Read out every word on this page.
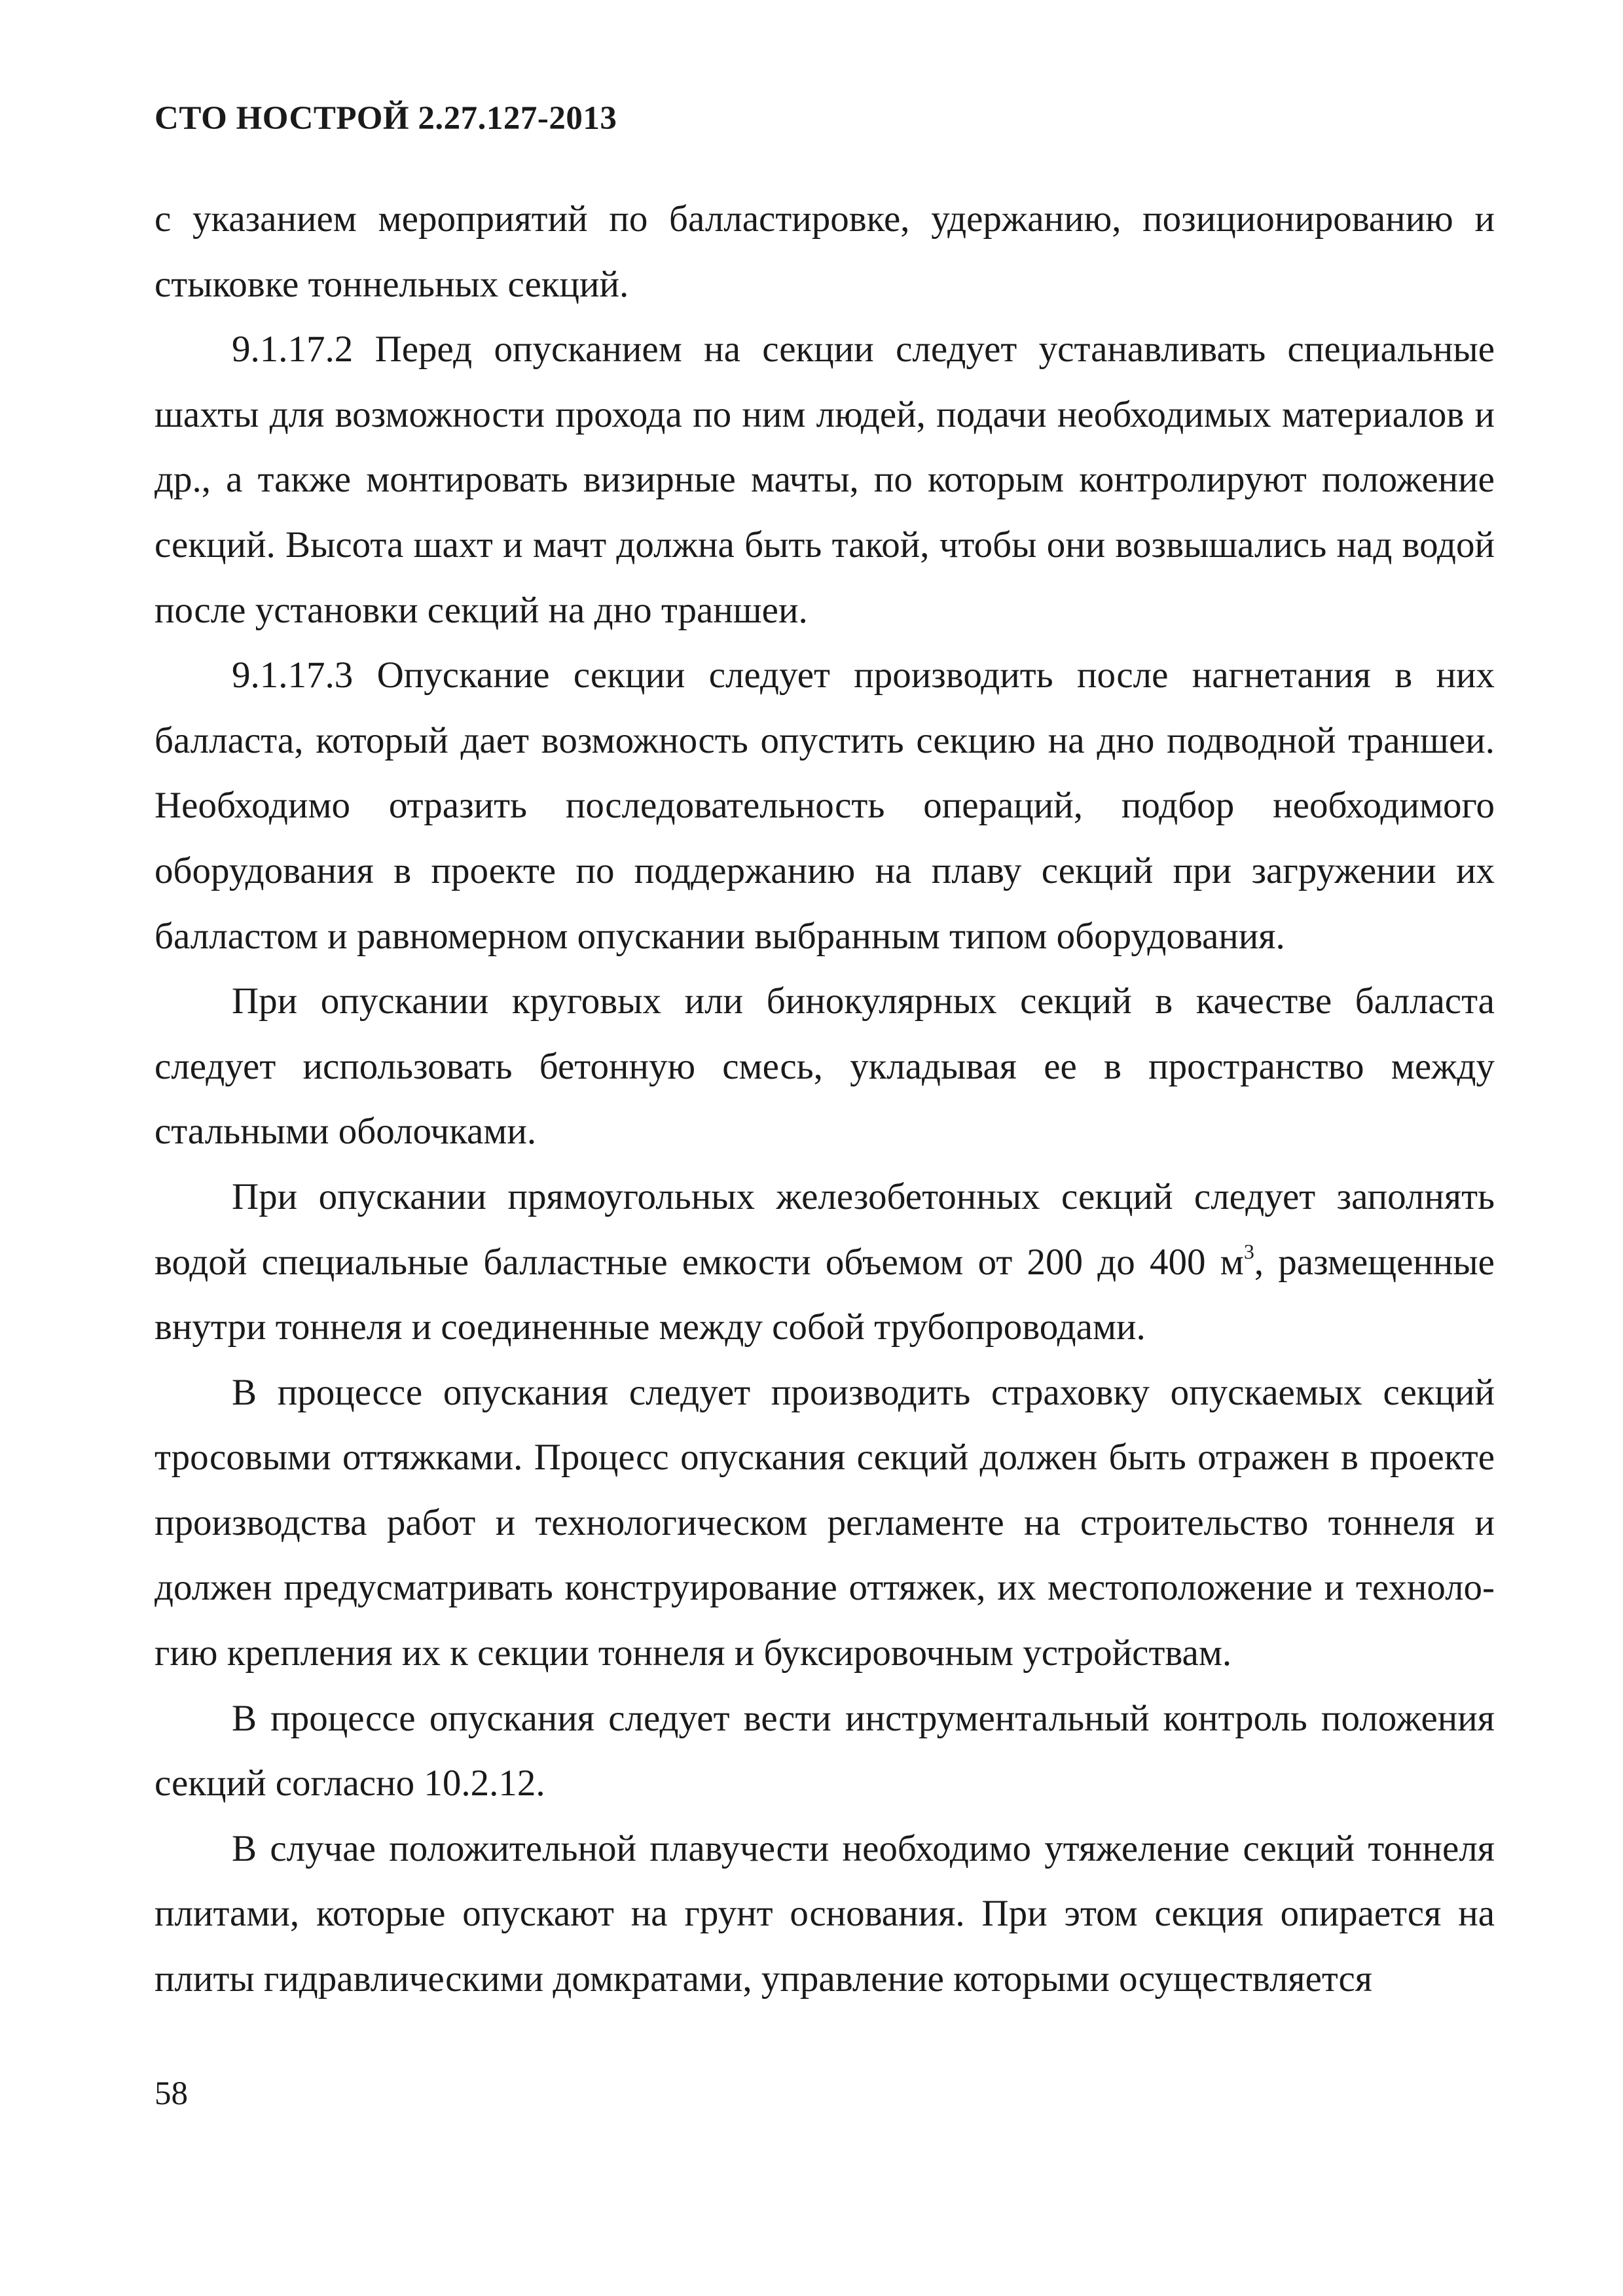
СТО НОСТРОЙ 2.27.127-2013

с указанием мероприятий по балластировке, удержанию, позиционированию и стыковке тоннельных секций.

9.1.17.2 Перед опусканием на секции следует устанавливать специальные шахты для возможности прохода по ним людей, подачи необходимых материалов и др., а также монтировать визирные мачты, по которым контролируют положение секций. Высота шахт и мачт должна быть такой, чтобы они возвышались над водой после установки секций на дно траншеи.

9.1.17.3 Опускание секции следует производить после нагнетания в них балласта, который дает возможность опустить секцию на дно подводной траншеи. Необходимо отразить последовательность операций, подбор необходимого оборудования в проекте по поддержанию на плаву секций при загружении их балластом и равномерном опускании выбранным типом оборудования.

При опускании круговых или бинокулярных секций в качестве балласта следует использовать бетонную смесь, укладывая ее в пространство между стальными оболочками.

При опускании прямоугольных железобетонных секций следует заполнять водой специальные балластные емкости объемом от 200 до 400 $м^3$, размещенные внутри тоннеля и соединенные между собой трубопроводами.

В процессе опускания следует производить страховку опускаемых секций тросовыми оттяжками. Процесс опускания секций должен быть отражен в проекте производства работ и технологическом регламенте на строительство тоннеля и должен предусматривать конструирование оттяжек, их местоположение и техноло-гию крепления их к секции тоннеля и буксировочным устройствам.

В процессе опускания следует вести инструментальный контроль положения секций согласно 10.2.12.

В случае положительной плавучести необходимо утяжеление секций тоннеля плитами, которые опускают на грунт основания. При этом секция опирается на плиты гидравлическими домкратами, управление которыми осуществляется

58
